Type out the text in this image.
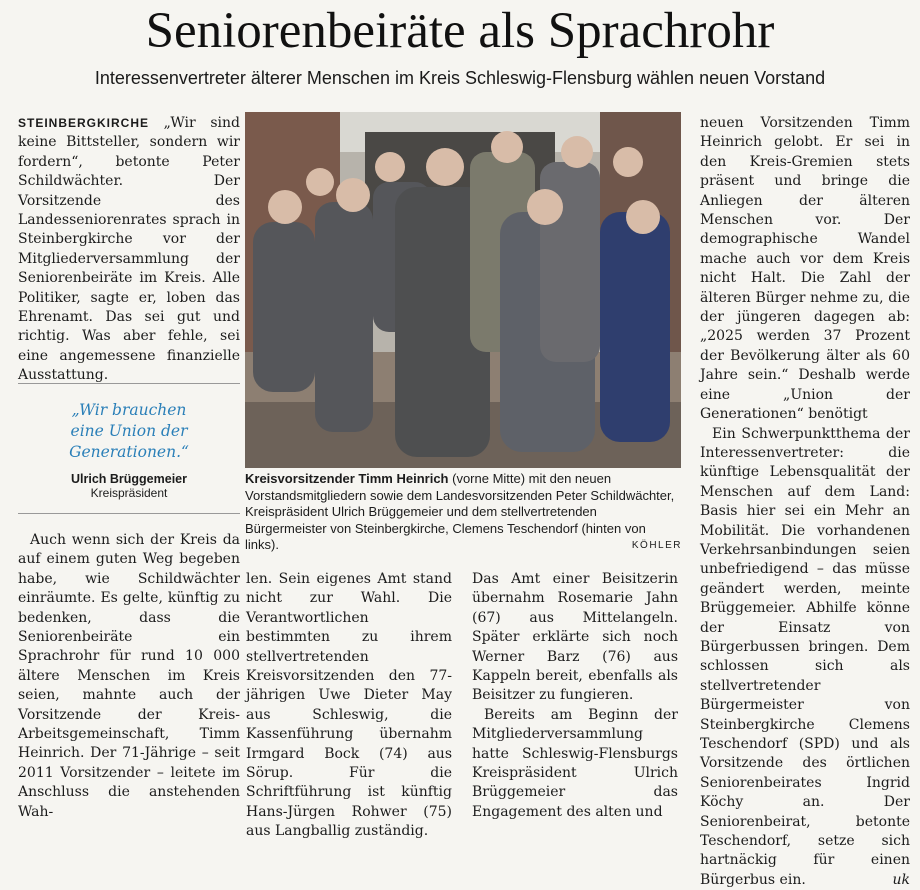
Seniorenbeiräte als Sprachrohr
Interessenvertreter älterer Menschen im Kreis Schleswig-Flensburg wählen neuen Vorstand

STEINBERGKIRCHE „Wir sind keine Bittsteller, sondern wir fordern“, betonte Peter Schildwächter. Der Vorsitzende des Landesseniorenrates sprach in Steinbergkirche vor der Mitgliederversammlung der Seniorenbeiräte im Kreis. Alle Politiker, sagte er, loben das Ehrenamt. Das sei gut und richtig. Was aber fehle, sei eine angemessene finanzielle Ausstattung.

„Wir brauchen eine Union der Generationen.“
Ulrich Brüggemeier
Kreispräsident

Auch wenn sich der Kreis da auf einem guten Weg begeben habe, wie Schildwächter einräumte. Es gelte, künftig zu bedenken, dass die Seniorenbeiräte ein Sprachrohr für rund 10 000 ältere Menschen im Kreis seien, mahnte auch der Vorsitzende der Kreis-Arbeitsgemeinschaft, Timm Heinrich. Der 71-Jährige – seit 2011 Vorsitzender – leitete im Anschluss die anstehenden Wah-

Kreisvorsitzender Timm Heinrich (vorne Mitte) mit den neuen Vorstandsmitgliedern sowie dem Landesvorsitzenden Peter Schildwächter, Kreispräsident Ulrich Brüggemeier und dem stellvertretenden Bürgermeister von Steinbergkirche, Clemens Teschendorf (hinten von links).	KÖHLER

len. Sein eigenes Amt stand nicht zur Wahl. Die Verantwortlichen bestimmten zu ihrem stellvertretenden Kreisvorsitzenden den 77-jährigen Uwe Dieter May aus Schleswig, die Kassenführung übernahm Irmgard Bock (74) aus Sörup. Für die Schriftführung ist künftig Hans-Jürgen Rohwer (75) aus Langballig zuständig.

Das Amt einer Beisitzerin übernahm Rosemarie Jahn (67) aus Mittelangeln. Später erklärte sich noch Werner Barz (76) aus Kappeln bereit, ebenfalls als Beisitzer zu fungieren.

Bereits am Beginn der Mitgliederversammlung hatte Schleswig-Flensburgs Kreispräsident Ulrich Brüggemeier das Engagement des alten und

neuen Vorsitzenden Timm Heinrich gelobt. Er sei in den Kreis-Gremien stets präsent und bringe die Anliegen der älteren Menschen vor. Der demographische Wandel mache auch vor dem Kreis nicht Halt. Die Zahl der älteren Bürger nehme zu, die der jüngeren dagegen ab: „2025 werden 37 Prozent der Bevölkerung älter als 60 Jahre sein.“ Deshalb werde eine „Union der Generationen“ benötigt

Ein Schwerpunktthema der Interessenvertreter: die künftige Lebensqualität der Menschen auf dem Land: Basis hier sei ein Mehr an Mobilität. Die vorhandenen Verkehrsanbindungen seien unbefriedigend – das müsse geändert werden, meinte Brüggemeier. Abhilfe könne der Einsatz von Bürgerbussen bringen. Dem schlossen sich als stellvertretender Bürgermeister von Steinbergkirche Clemens Teschendorf (SPD) und als Vorsitzende des örtlichen Seniorenbeirates Ingrid Köchy an. Der Seniorenbeirat, betonte Teschendorf, setze sich hartnäckig für einen Bürgerbus ein.	uk
